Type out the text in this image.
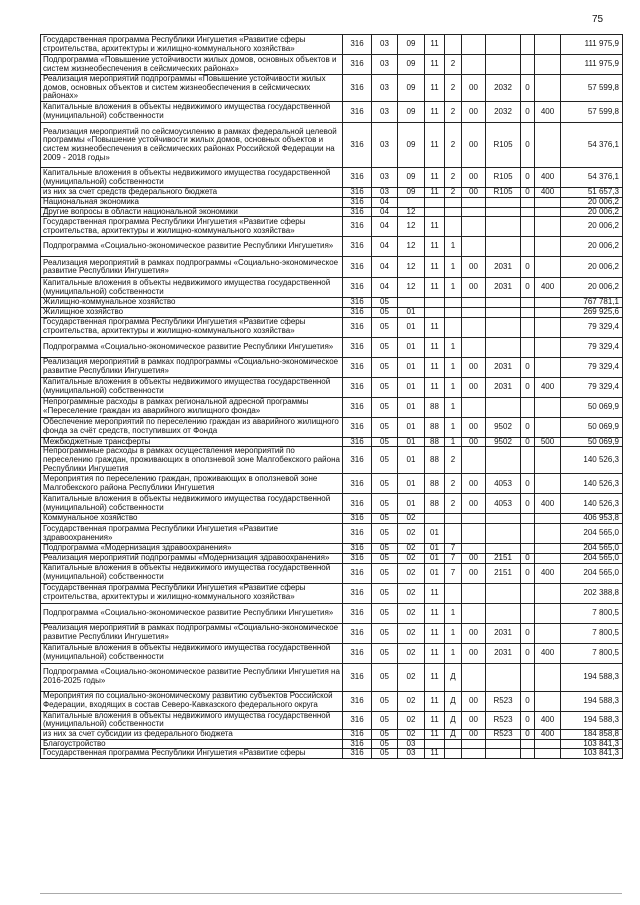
75
Государственная программа Республики Ингушетия «Развитие сферы строительства, архитектуры и жилищно-коммунального хозяйства»	316	03	09	11						111 975,9
Подпрограмма «Повышение устойчивости жилых домов, основных объектов и систем жизнеобеспечения в сейсмических районах»	316	03	09	11	2					111 975,9
Реализация мероприятий подпрограммы «Повышение устойчивости жилых домов, основных объектов и систем жизнеобеспечения в сейсмических районах»	316	03	09	11	2	00	2032	0		57 599,8
Капитальные вложения в объекты недвижимого имущества государственной (муниципальной) собственности	316	03	09	11	2	00	2032	0	400	57 599,8
Реализация мероприятий по сейсмоусилению в рамках федеральной целевой программы «Повышение устойчивости жилых домов, основных объектов и систем жизнеобеспечения в сейсмических районах Российской Федерации на 2009 - 2018 годы»	316	03	09	11	2	00	R105	0		54 376,1
Капитальные вложения в объекты недвижимого имущества государственной (муниципальной) собственности	316	03	09	11	2	00	R105	0	400	54 376,1
из них за счет средств федерального бюджета	316	03	09	11	2	00	R105	0	400	51 657,3
Национальная экономика	316	04								20 006,2
Другие вопросы в области национальной экономики	316	04	12							20 006,2
Государственная программа Республики Ингушетия «Развитие сферы строительства, архитектуры и жилищно-коммунального хозяйства»	316	04	12	11						20 006,2
Подпрограмма «Социально-экономическое развитие Республики Ингушетия»	316	04	12	11	1					20 006,2
Реализация мероприятий в рамках подпрограммы «Социально-экономическое развитие Республики Ингушетия»	316	04	12	11	1	00	2031	0		20 006,2
Капитальные вложения в объекты недвижимого имущества государственной (муниципальной) собственности	316	04	12	11	1	00	2031	0	400	20 006,2
Жилищно-коммунальное хозяйство	316	05								767 781,1
Жилищное хозяйство	316	05	01							269 925,6
Государственная программа Республики Ингушетия «Развитие сферы строительства, архитектуры и жилищно-коммунального хозяйства»	316	05	01	11						79 329,4
Подпрограмма «Социально-экономическое развитие Республики Ингушетия»	316	05	01	11	1					79 329,4
Реализация мероприятий в рамках подпрограммы «Социально-экономическое развитие Республики Ингушетия»	316	05	01	11	1	00	2031	0		79 329,4
Капитальные вложения в объекты недвижимого имущества государственной (муниципальной) собственности	316	05	01	11	1	00	2031	0	400	79 329,4
Непрограммные расходы в рамках региональной адресной программы «Переселение граждан из аварийного жилищного фонда»	316	05	01	88	1					50 069,9
Обеспечение мероприятий по переселению граждан из аварийного жилищного фонда за счёт средств, поступивших от Фонда	316	05	01	88	1	00	9502	0		50 069,9
Межбюджетные трансферты	316	05	01	88	1	00	9502	0	500	50 069,9
Непрограммные расходы в рамках осуществления мероприятий по переселению граждан, проживающих в оползневой зоне Малгобекского района Республики Ингушетия	316	05	01	88	2					140 526,3
Мероприятия по переселению граждан, проживающих в оползневой зоне Малгобекского района Республики Ингушетия	316	05	01	88	2	00	4053	0		140 526,3
Капитальные вложения в объекты недвижимого имущества государственной (муниципальной) собственности	316	05	01	88	2	00	4053	0	400	140 526,3
Коммунальное хозяйство	316	05	02							406 953,8
Государственная программа Республики Ингушетия «Развитие здравоохранения»	316	05	02	01						204 565,0
Подпрограмма «Модернизация здравоохранения»	316	05	02	01	7					204 565,0
Реализация мероприятий подпрограммы «Модернизация здравоохранения»	316	05	02	01	7	00	2151	0		204 565,0
Капитальные вложения в объекты недвижимого имущества государственной (муниципальной) собственности	316	05	02	01	7	00	2151	0	400	204 565,0
Государственная программа Республики Ингушетия «Развитие сферы строительства, архитектуры и жилищно-коммунального хозяйства»	316	05	02	11						202 388,8
Подпрограмма «Социально-экономическое развитие Республики Ингушетия»	316	05	02	11	1					7 800,5
Реализация мероприятий в рамках подпрограммы «Социально-экономическое развитие Республики Ингушетия»	316	05	02	11	1	00	2031	0		7 800,5
Капитальные вложения в объекты недвижимого имущества государственной (муниципальной) собственности	316	05	02	11	1	00	2031	0	400	7 800,5
Подпрограмма «Социально-экономическое развитие Республики Ингушетия на 2016-2025 годы»	316	05	02	11	Д					194 588,3
Мероприятия по социально-экономическому развитию субъектов Российской Федерации, входящих в состав Северо-Кавказского федерального округа	316	05	02	11	Д	00	R523	0		194 588,3
Капитальные вложения в объекты недвижимого имущества государственной (муниципальной) собственности	316	05	02	11	Д	00	R523	0	400	194 588,3
из них за счет субсидии из федерального бюджета	316	05	02	11	Д	00	R523	0	400	184 858,8
Благоустройство	316	05	03							103 841,3
Государственная программа Республики Ингушетия «Развитие сферы	316	05	03	11						103 841,3
